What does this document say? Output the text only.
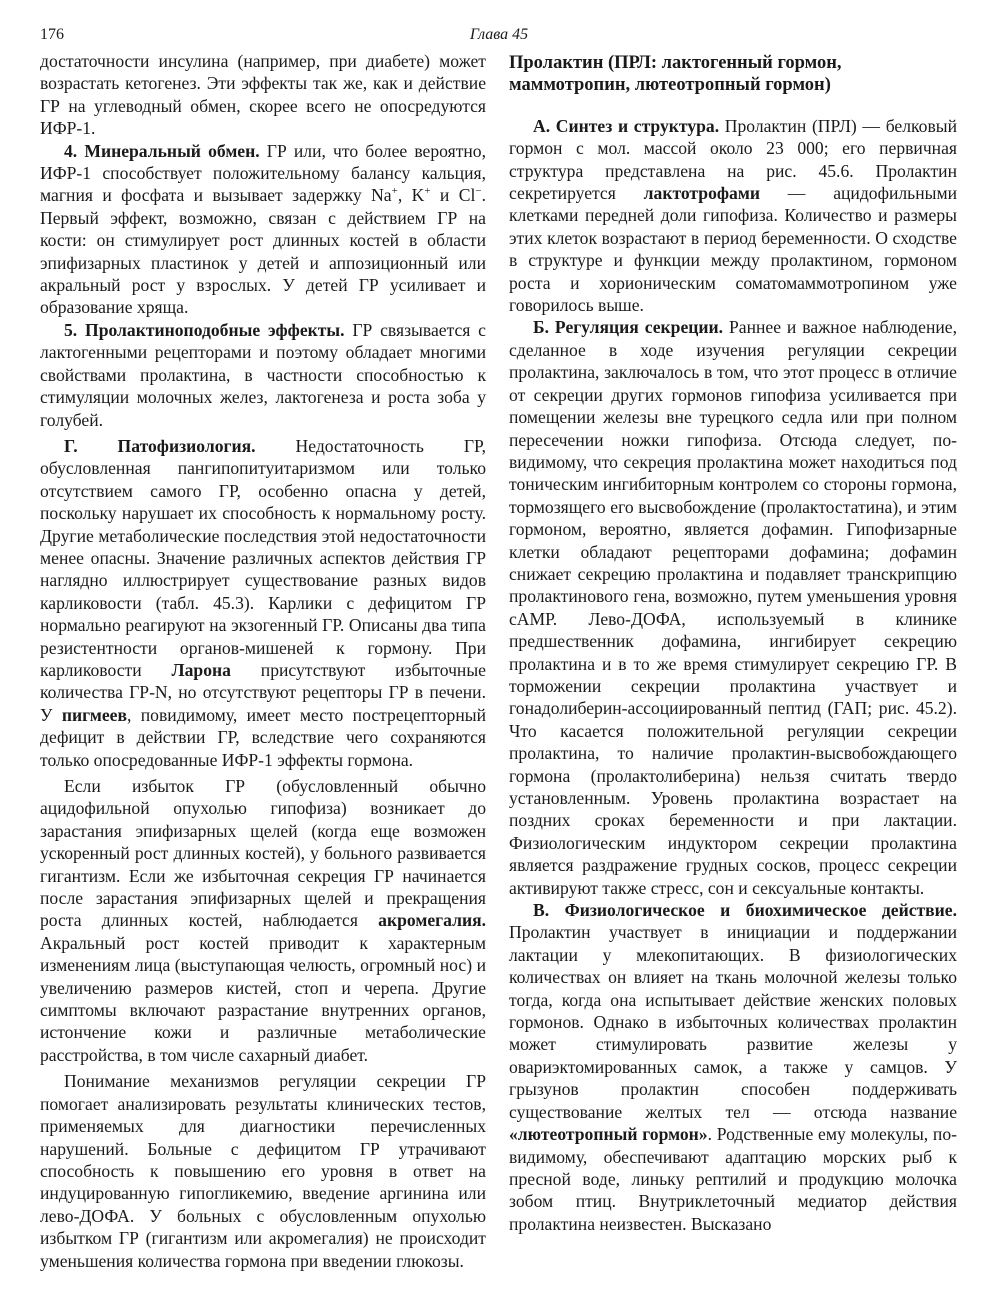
176	Глава 45

достаточности инсулина (например, при диабете) может возрастать кетогенез. Эти эффекты так же, как и действие ГР на углеводный обмен, скорее всего не опосредуются ИФР-1.

4. Минеральный обмен. ГР или, что более вероятно, ИФР-1 способствует положительному балансу кальция, магния и фосфата и вызывает задержку Na+, K+ и Cl−. Первый эффект, возможно, связан с действием ГР на кости: он стимулирует рост длинных костей в области эпифизарных пластинок у детей и аппозиционный или акральный рост у взрослых. У детей ГР усиливает и образование хряща.

5. Пролактиноподобные эффекты. ГР связывается с лактогенными рецепторами и поэтому обладает многими свойствами пролактина, в частности способностью к стимуляции молочных желез, лактогенеза и роста зоба у голубей.

Г. Патофизиология. Недостаточность ГР, обусловленная пангипопитуитаризмом или только отсутствием самого ГР, особенно опасна у детей, поскольку нарушает их способность к нормальному росту. Другие метаболические последствия этой недостаточности менее опасны. Значение различных аспектов действия ГР наглядно иллюстрирует существование разных видов карликовости (табл. 45.3). Карлики с дефицитом ГР нормально реагируют на экзогенный ГР. Описаны два типа резистентности органов-мишеней к гормону. При карликовости Ларона присутствуют избыточные количества ГР-N, но отсутствуют рецепторы ГР в печени. У пигмеев, повидимому, имеет место пострецепторный дефицит в действии ГР, вследствие чего сохраняются только опосредованные ИФР-1 эффекты гормона.

Если избыток ГР (обусловленный обычно ацидофильной опухолью гипофиза) возникает до зарастания эпифизарных щелей (когда еще возможен ускоренный рост длинных костей), у больного развивается гигантизм. Если же избыточная секреция ГР начинается после зарастания эпифизарных щелей и прекращения роста длинных костей, наблюдается акромегалия. Акральный рост костей приводит к характерным изменениям лица (выступающая челюсть, огромный нос) и увеличению размеров кистей, стоп и черепа. Другие симптомы включают разрастание внутренних органов, истончение кожи и различные метаболические расстройства, в том числе сахарный диабет.

Понимание механизмов регуляции секреции ГР помогает анализировать результаты клинических тестов, применяемых для диагностики перечисленных нарушений. Больные с дефицитом ГР утрачивают способность к повышению его уровня в ответ на индуцированную гипогликемию, введение аргинина или лево-ДОФА. У больных с обусловленным опухолью избытком ГР (гигантизм или акромегалия) не происходит уменьшения количества гормона при введении глюкозы.

Пролактин (ПРЛ: лактогенный гормон, маммотропин, лютеотропный гормон)

А. Синтез и структура. Пролактин (ПРЛ) — белковый гормон с мол. массой около 23 000; его первичная структура представлена на рис. 45.6. Пролактин секретируется лактотрофами — ацидофильными клетками передней доли гипофиза. Количество и размеры этих клеток возрастают в период беременности. О сходстве в структуре и функции между пролактином, гормоном роста и хорионическим соматомаммотропином уже говорилось выше.

Б. Регуляция секреции. Раннее и важное наблюдение, сделанное в ходе изучения регуляции секреции пролактина, заключалось в том, что этот процесс в отличие от секреции других гормонов гипофиза усиливается при помещении железы вне турецкого седла или при полном пересечении ножки гипофиза. Отсюда следует, по-видимому, что секреция пролактина может находиться под тоническим ингибиторным контролем со стороны гормона, тормозящего его высвобождение (пролактостатина), и этим гормоном, вероятно, является дофамин. Гипофизарные клетки обладают рецепторами дофамина; дофамин снижает секрецию пролактина и подавляет транскрипцию пролактинового гена, возможно, путем уменьшения уровня сАМР. Лево-ДОФА, используемый в клинике предшественник дофамина, ингибирует секрецию пролактина и в то же время стимулирует секрецию ГР. В торможении секреции пролактина участвует и гонадолиберин-ассоциированный пептид (ГАП; рис. 45.2). Что касается положительной регуляции секреции пролактина, то наличие пролактин-высвобождающего гормона (пролактолиберина) нельзя считать твердо установленным. Уровень пролактина возрастает на поздних сроках беременности и при лактации. Физиологическим индуктором секреции пролактина является раздражение грудных сосков, процесс секреции активируют также стресс, сон и сексуальные контакты.

В. Физиологическое и биохимическое действие. Пролактин участвует в инициации и поддержании лактации у млекопитающих. В физиологических количествах он влияет на ткань молочной железы только тогда, когда она испытывает действие женских половых гормонов. Однако в избыточных количествах пролактин может стимулировать развитие железы у овариэктомированных самок, а также у самцов. У грызунов пролактин способен поддерживать существование желтых тел — отсюда название «лютеотропный гормон». Родственные ему молекулы, по-видимому, обеспечивают адаптацию морских рыб к пресной воде, линьку рептилий и продукцию молочка зобом птиц. Внутриклеточный медиатор действия пролактина неизвестен. Высказано
